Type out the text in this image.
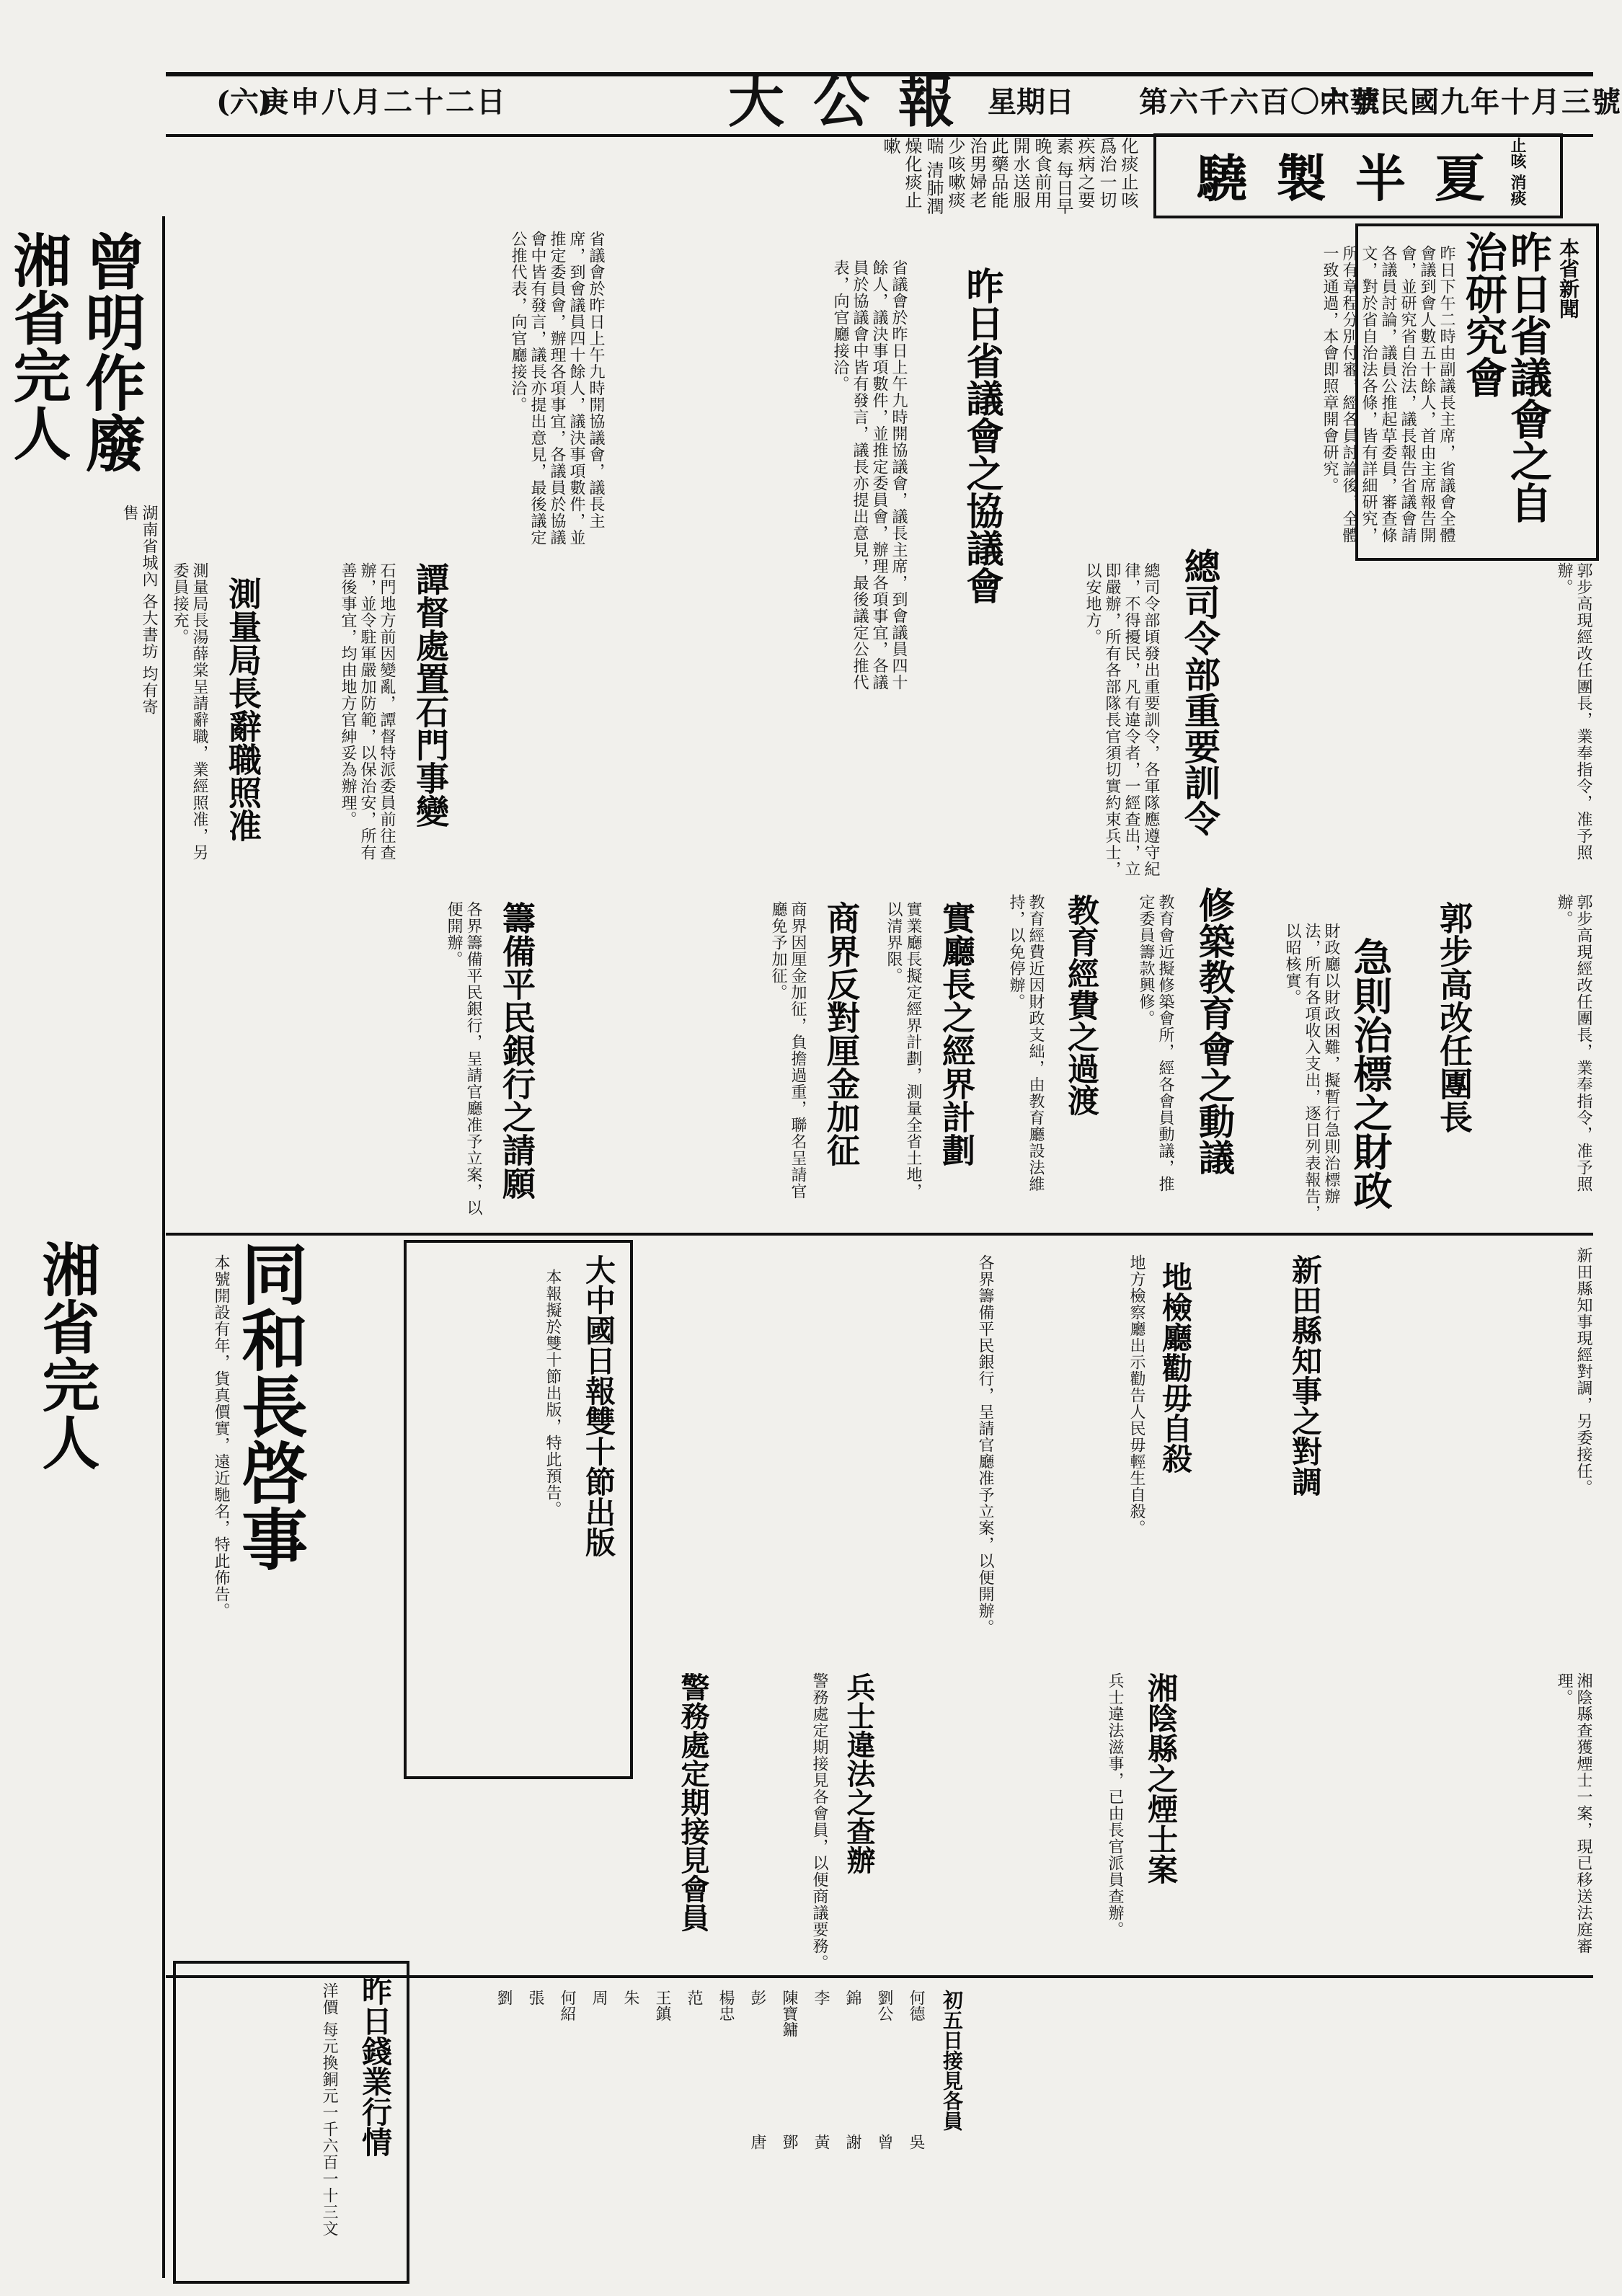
(六)
庚申八月二十二日	大公報 星期日 第六千六百〇六號
中華民國九年十月三號
驍製半夏
止咳 消痰
化痰止咳爲治一切疾病之要素 每日早晚食前用開水送服 此藥品能治男婦老少咳嗽痰喘 清肺潤燥化痰止嗽
湘省完人 曾明作廢
湖南省城內 各大書坊 均有寄售
本省新聞
昨日省議會之自治研究會
昨日下午二時由副議長主席，省議會全體會議到會人數五十餘人，首由主席報告開會，並研究省自治法，議長報告省議會請各議員討論，議員公推起草委員，審查條文，對於省自治法各條，皆有詳細研究，所有章程分別付審，經各員討論後，全體一致通過，本會即照章開會研究。
昨日省議會之協議會
省議會於昨日上午九時開協議會，議長主席，到會議員四十餘人，議決事項數件，並推定委員會，辦理各項事宜，各議員於協議會中皆有發言，議長亦提出意見，最後議定公推代表，向官廳接洽。
郭步高現經改任團長，業奉指令，准予照辦。
郭步高改任團長	郭步高現經改任團長，業奉指令，准予照辦。
急則治標之財政
財政廳以財政困難，擬暫行急則治標辦法，所有各項收入支出，逐日列表報告，以昭核實。
修築教育會之動議
教育會近擬修築會所，經各會員動議，推定委員籌款興修。
教育經費之過渡
教育經費近因財政支絀，由教育廳設法維持，以免停辦。
總司令部重要訓令
總司令部頃發出重要訓令，各軍隊應遵守紀律，不得擾民，凡有違令者，一經查出，立即嚴辦，所有各部隊長官須切實約束兵士，以安地方。
實廳長之經界計劃
實業廳長擬定經界計劃，測量全省土地，以清界限。
商界反對厘金加征
商界因厘金加征，負擔過重，聯名呈請官廳免予加征。
譚督處置石門事變
石門地方前因變亂，譚督特派委員前往查辦，並令駐軍嚴加防範，以保治安，所有善後事宜，均由地方官紳妥為辦理。
測量局長辭職照准
測量局長湯薛棠呈請辭職，業經照准，另委員接充。
省議會於昨日上午九時開協議會，議長主席，到會議員四十餘人，議決事項數件，並推定委員會，辦理各項事宜，各議員於協議會中皆有發言，議長亦提出意見，最後議定公推代表，向官廳接洽。
籌備平民銀行之請願
各界籌備平民銀行，呈請官廳准予立案，以便開辦。
新田縣知事之對調	新田縣知事現經對調，另委接任。
地檢廳勸毋自殺
地方檢察廳出示勸告人民毋輕生自殺。
各界籌備平民銀行，呈請官廳准予立案，以便開辦。
湘陰縣之煙士案	湘陰縣查獲煙士一案，現已移送法庭審理。
兵士違法之查辦	兵士違法滋事，已由長官派員查辦。
警務處定期接見會員	警務處定期接見各會員，以便商議要務。
大中國日報雙十節出版
本報擬於雙十節出版，特此預告。
同和長啓事
本號開設有年，貨真價實，遠近馳名，特此佈告。
湘省完人
初五日接見各員
何德
劉公
錦
李
陳寶鏞
彭
楊忠
范
王鎮
朱
周
何紹
張
劉
吳
曾
謝
黃
鄧
唐
昨日錢業行情
洋價 每元換銅元一千六百一十三文
